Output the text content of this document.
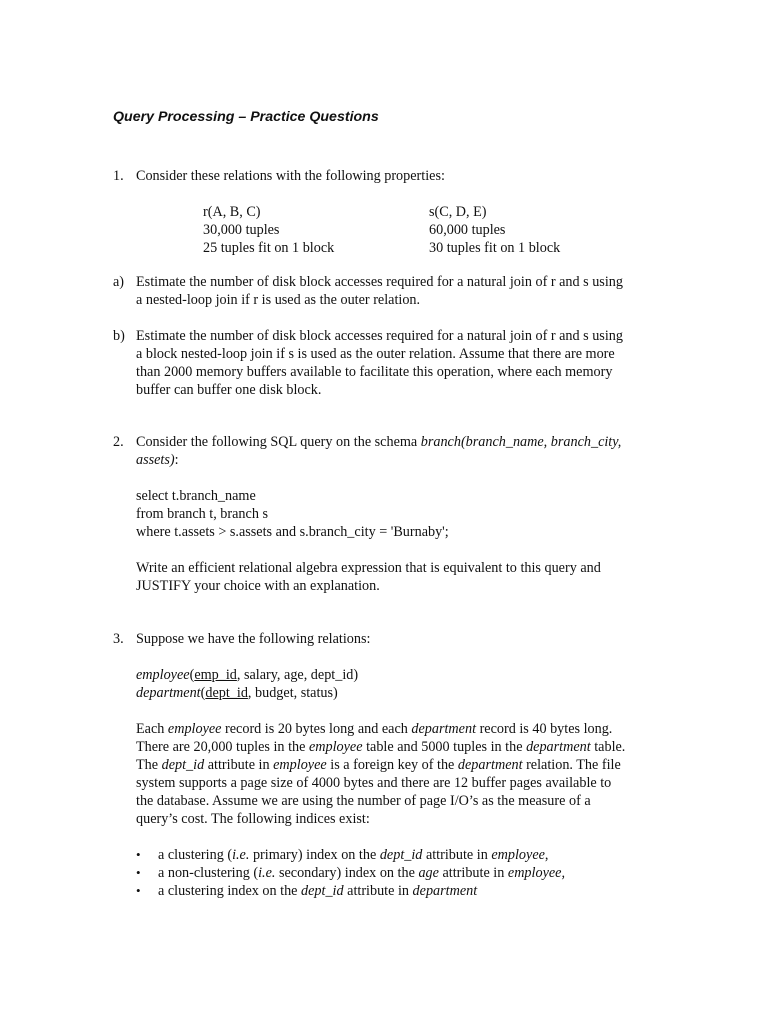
Query Processing – Practice Questions
1. Consider these relations with the following properties:
r(A, B, C)
30,000 tuples
25 tuples fit on 1 block
s(C, D, E)
60,000 tuples
30 tuples fit on 1 block
a) Estimate the number of disk block accesses required for a natural join of r and s using
a nested-loop join if r is used as the outer relation.
b) Estimate the number of disk block accesses required for a natural join of r and s using
a block nested-loop join if s is used as the outer relation. Assume that there are more
than 2000 memory buffers available to facilitate this operation, where each memory
buffer can buffer one disk block.
2. Consider the following SQL query on the schema branch(branch_name, branch_city,
assets):
select t.branch_name
from branch t, branch s
where t.assets > s.assets and s.branch_city = 'Burnaby';
Write an efficient relational algebra expression that is equivalent to this query and
JUSTIFY your choice with an explanation.
3. Suppose we have the following relations:
employee(emp_id, salary, age, dept_id)
department(dept_id, budget, status)
Each employee record is 20 bytes long and each department record is 40 bytes long.
There are 20,000 tuples in the employee table and 5000 tuples in the department table.
The dept_id attribute in employee is a foreign key of the department relation. The file
system supports a page size of 4000 bytes and there are 12 buffer pages available to
the database. Assume we are using the number of page I/O’s as the measure of a
query’s cost. The following indices exist:
• a clustering (i.e. primary) index on the dept_id attribute in employee,
• a non-clustering (i.e. secondary) index on the age attribute in employee,
• a clustering index on the dept_id attribute in department
